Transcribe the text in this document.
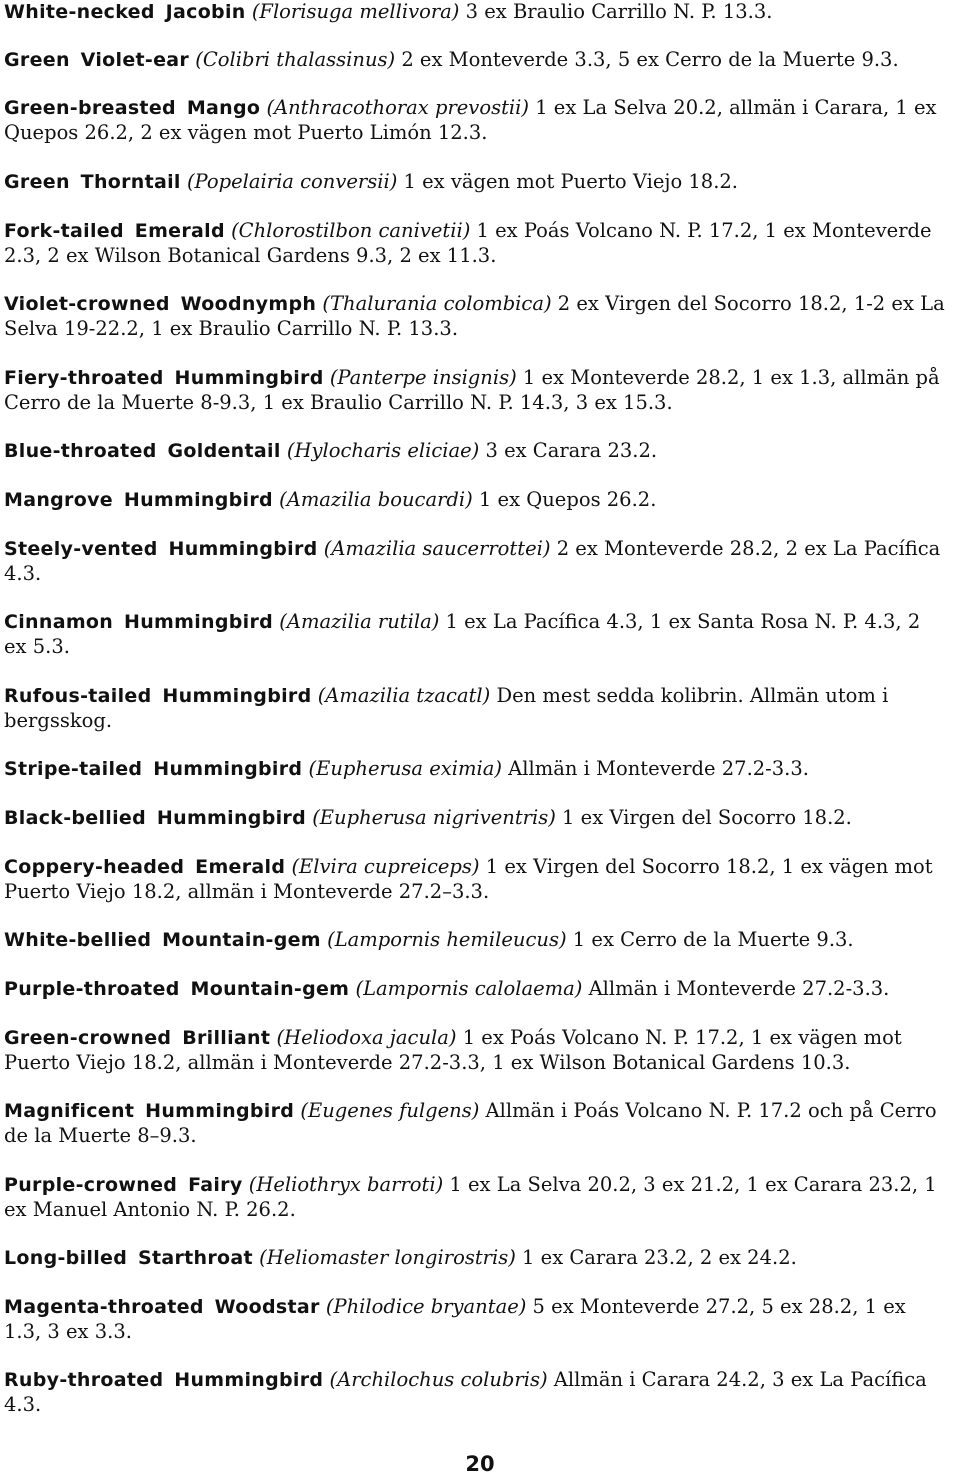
White-necked Jacobin (Florisuga mellivora) 3 ex Braulio Carrillo N. P. 13.3.

Green Violet-ear (Colibri thalassinus) 2 ex Monteverde 3.3, 5 ex Cerro de la Muerte 9.3.

Green-breasted Mango (Anthracothorax prevostii) 1 ex La Selva 20.2, allmän i Carara, 1 ex Quepos 26.2, 2 ex vägen mot Puerto Limón 12.3.

Green Thorntail (Popelairia conversii) 1 ex vägen mot Puerto Viejo 18.2.

Fork-tailed Emerald (Chlorostilbon canivetii) 1 ex Poás Volcano N. P. 17.2, 1 ex Monteverde 2.3, 2 ex Wilson Botanical Gardens 9.3, 2 ex 11.3.

Violet-crowned Woodnymph (Thalurania colombica) 2 ex Virgen del Socorro 18.2, 1-2 ex La Selva 19-22.2, 1 ex Braulio Carrillo N. P. 13.3.

Fiery-throated Hummingbird (Panterpe insignis) 1 ex Monteverde 28.2, 1 ex 1.3, allmän på Cerro de la Muerte 8-9.3, 1 ex Braulio Carrillo N. P. 14.3, 3 ex 15.3.

Blue-throated Goldentail (Hylocharis eliciae) 3 ex Carara 23.2.

Mangrove Hummingbird (Amazilia boucardi) 1 ex Quepos 26.2.

Steely-vented Hummingbird (Amazilia saucerrottei) 2 ex Monteverde 28.2, 2 ex La Pacífica 4.3.

Cinnamon Hummingbird (Amazilia rutila) 1 ex La Pacífica 4.3, 1 ex Santa Rosa N. P. 4.3, 2 ex 5.3.

Rufous-tailed Hummingbird (Amazilia tzacatl) Den mest sedda kolibrin. Allmän utom i bergsskog.

Stripe-tailed Hummingbird (Eupherusa eximia) Allmän i Monteverde 27.2-3.3.

Black-bellied Hummingbird (Eupherusa nigriventris) 1 ex Virgen del Socorro 18.2.

Coppery-headed Emerald (Elvira cupreiceps) 1 ex Virgen del Socorro 18.2, 1 ex vägen mot Puerto Viejo 18.2, allmän i Monteverde 27.2–3.3.

White-bellied Mountain-gem (Lampornis hemileucus) 1 ex Cerro de la Muerte 9.3.

Purple-throated Mountain-gem (Lampornis calolaema) Allmän i Monteverde 27.2-3.3.

Green-crowned Brilliant (Heliodoxa jacula) 1 ex Poás Volcano N. P. 17.2, 1 ex vägen mot Puerto Viejo 18.2, allmän i Monteverde 27.2-3.3, 1 ex Wilson Botanical Gardens 10.3.

Magnificent Hummingbird (Eugenes fulgens) Allmän i Poás Volcano N. P. 17.2 och på Cerro de la Muerte 8–9.3.

Purple-crowned Fairy (Heliothryx barroti) 1 ex La Selva 20.2, 3 ex 21.2, 1 ex Carara 23.2, 1 ex Manuel Antonio N. P. 26.2.

Long-billed Starthroat (Heliomaster longirostris) 1 ex Carara 23.2, 2 ex 24.2.

Magenta-throated Woodstar (Philodice bryantae) 5 ex Monteverde 27.2, 5 ex 28.2, 1 ex 1.3, 3 ex 3.3.

Ruby-throated Hummingbird (Archilochus colubris) Allmän i Carara 24.2, 3 ex La Pacífica 4.3.

20
